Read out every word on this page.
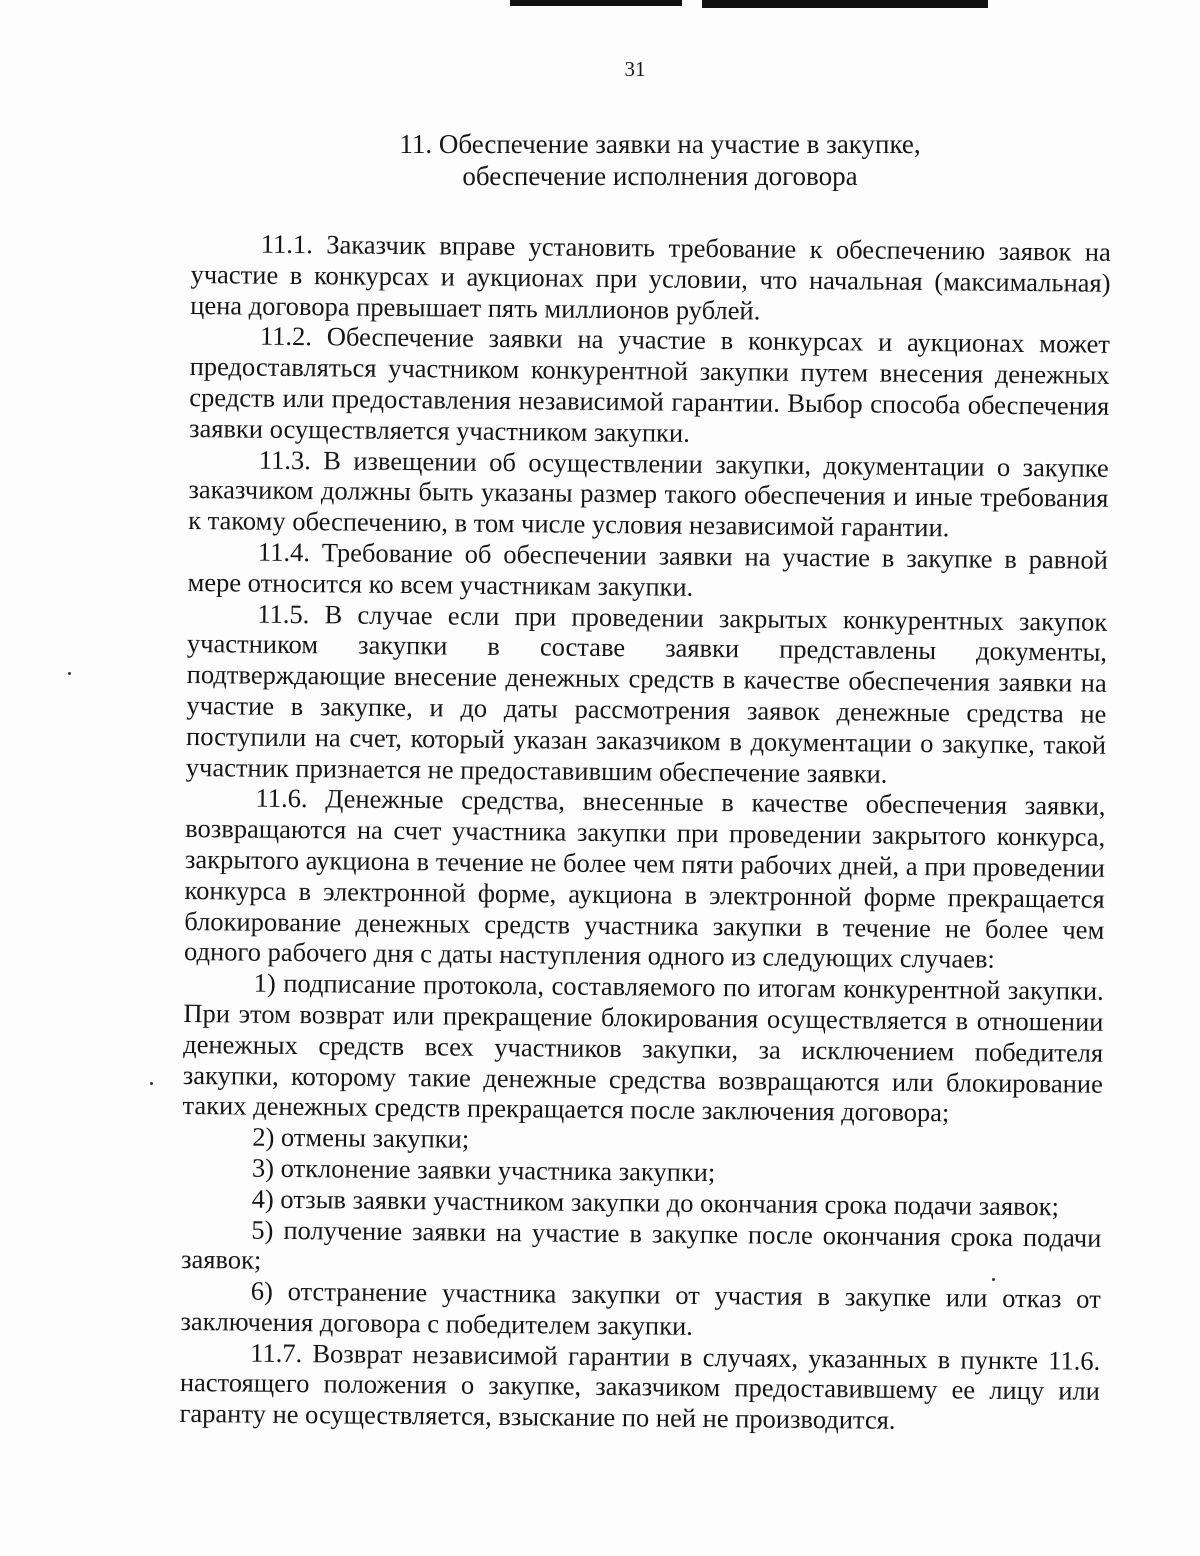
31
11. Обеспечение заявки на участие в закупке,
обеспечение исполнения договора

11.1. Заказчик вправе установить требование к обеспечению заявок на участие в конкурсах и аукционах при условии, что начальная (максимальная) цена договора превышает пять миллионов рублей.

11.2. Обеспечение заявки на участие в конкурсах и аукционах может предоставляться участником конкурентной закупки путем внесения денежных средств или предоставления независимой гарантии. Выбор способа обеспечения заявки осуществляется участником закупки.

11.3. В извещении об осуществлении закупки, документации о закупке заказчиком должны быть указаны размер такого обеспечения и иные требования к такому обеспечению, в том числе условия независимой гарантии.

11.4. Требование об обеспечении заявки на участие в закупке в равной мере относится ко всем участникам закупки.

11.5. В случае если при проведении закрытых конкурентных закупок участником закупки в составе заявки представлены документы, подтверждающие внесение денежных средств в качестве обеспечения заявки на участие в закупке, и до даты рассмотрения заявок денежные средства не поступили на счет, который указан заказчиком в документации о закупке, такой участник признается не предоставившим обеспечение заявки.

11.6. Денежные средства, внесенные в качестве обеспечения заявки, возвращаются на счет участника закупки при проведении закрытого конкурса, закрытого аукциона в течение не более чем пяти рабочих дней, а при проведении конкурса в электронной форме, аукциона в электронной форме прекращается блокирование денежных средств участника закупки в течение не более чем одного рабочего дня с даты наступления одного из следующих случаев:

1) подписание протокола, составляемого по итогам конкурентной закупки. При этом возврат или прекращение блокирования осуществляется в отношении денежных средств всех участников закупки, за исключением победителя закупки, которому такие денежные средства возвращаются или блокирование таких денежных средств прекращается после заключения договора;

2) отмены закупки;

3) отклонение заявки участника закупки;

4) отзыв заявки участником закупки до окончания срока подачи заявок;

5) получение заявки на участие в закупке после окончания срока подачи заявок;

6) отстранение участника закупки от участия в закупке или отказ от заключения договора с победителем закупки.

11.7. Возврат независимой гарантии в случаях, указанных в пункте 11.6. настоящего положения о закупке, заказчиком предоставившему ее лицу или гаранту не осуществляется, взыскание по ней не производится.
